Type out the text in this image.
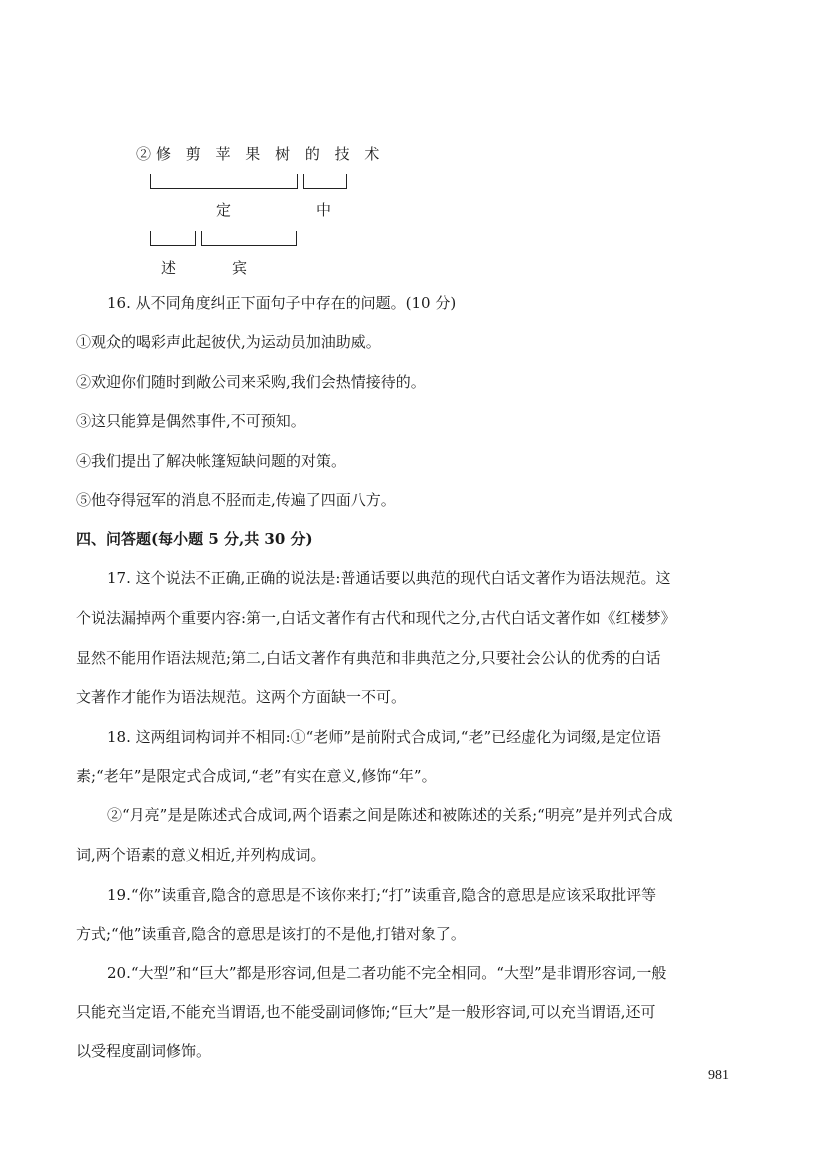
②修 剪 苹 果 树 的 技 术
定	中
述	宾
16. 从不同角度纠正下面句子中存在的问题。(10 分)
①观众的喝彩声此起彼伏,为运动员加油助威。
②欢迎你们随时到敞公司来采购,我们会热情接待的。
③这只能算是偶然事件,不可预知。
④我们提出了解决帐篷短缺问题的对策。
⑤他夺得冠军的消息不胫而走,传遍了四面八方。
四、问答题(每小题 5 分,共 30 分)
17. 这个说法不正确,正确的说法是:普通话要以典范的现代白话文著作为语法规范。这
个说法漏掉两个重要内容:第一,白话文著作有古代和现代之分,古代白话文著作如《红楼梦》
显然不能用作语法规范;第二,白话文著作有典范和非典范之分,只要社会公认的优秀的白话
文著作才能作为语法规范。这两个方面缺一不可。
18. 这两组词构词并不相同:①“老师”是前附式合成词,“老”已经虚化为词缀,是定位语
素;“老年”是限定式合成词,“老”有实在意义,修饰“年”。
②“月亮”是是陈述式合成词,两个语素之间是陈述和被陈述的关系;“明亮”是并列式合成
词,两个语素的意义相近,并列构成词。
19.“你”读重音,隐含的意思是不该你来打;“打”读重音,隐含的意思是应该采取批评等
方式;“他”读重音,隐含的意思是该打的不是他,打错对象了。
20.“大型”和“巨大”都是形容词,但是二者功能不完全相同。“大型”是非谓形容词,一般
只能充当定语,不能充当谓语,也不能受副词修饰;“巨大”是一般形容词,可以充当谓语,还可
以受程度副词修饰。
981
